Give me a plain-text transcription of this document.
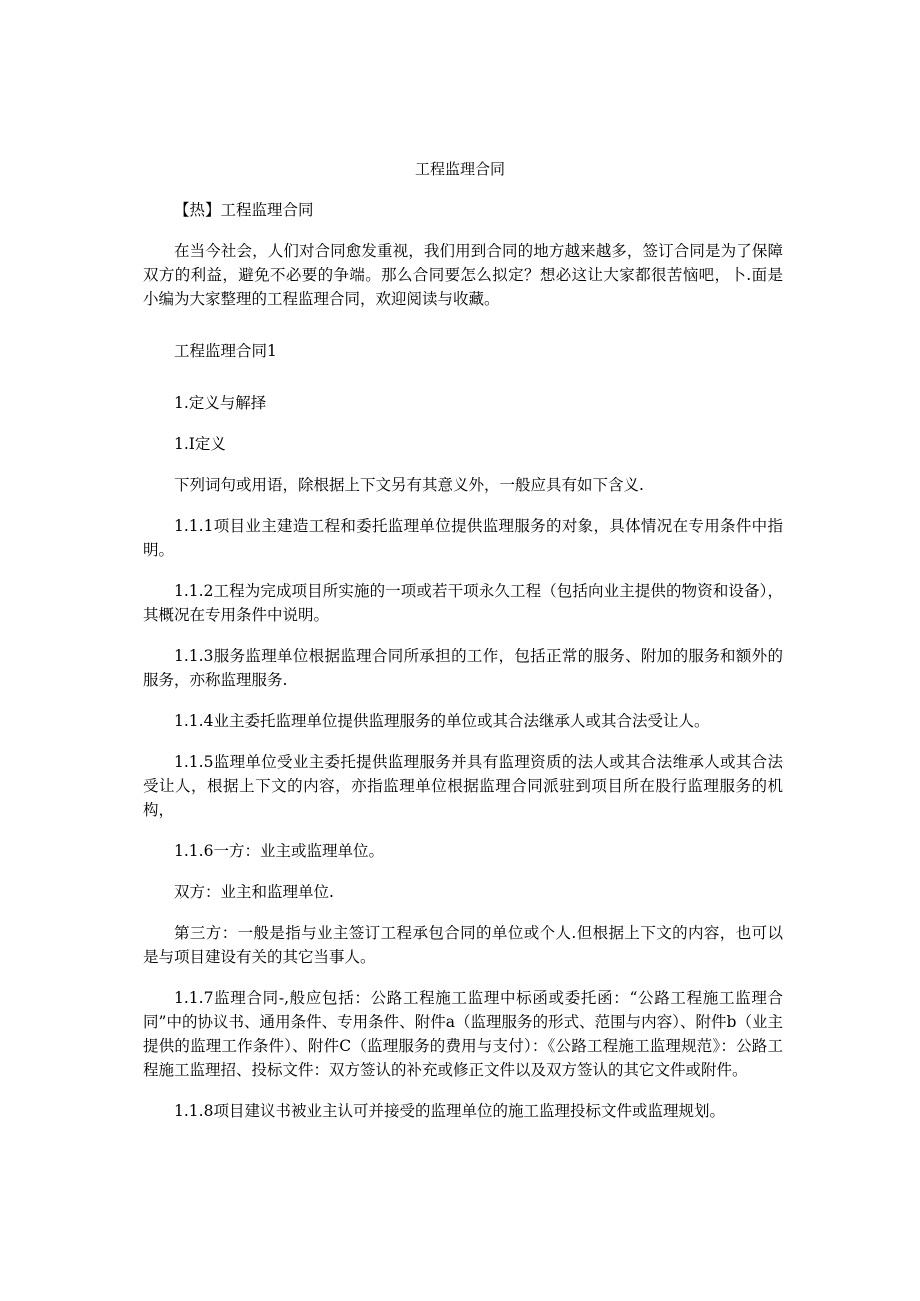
工程监理合同

【热】工程监理合同

在当今社会，人们对合同愈发重视，我们用到合同的地方越来越多，签订合同是为了保障双方的利益，避免不必要的争端。那么合同要怎么拟定？想必这让大家都很苦恼吧，卜.面是小编为大家整理的工程监理合同，欢迎阅读与收藏。

工程监理合同1

1.定义与解择

1.I定义

下列词句或用语，除根据上下文另有其意义外，一般应具有如下含义.

1.1.1项目业主建造工程和委托监理单位提供监理服务的对象，具体情况在专用条件中指明。

1.1.2工程为完成项目所实施的一项或若干项永久工程（包括向业主提供的物资和设备），其概况在专用条件中说明。

1.1.3服务监理单位根据监理合同所承担的工作，包括正常的服务、附加的服务和额外的服务，亦称监理服务.

1.1.4业主委托监理单位提供监理服务的单位或其合法继承人或其合法受让人。

1.1.5监理单位受业主委托提供监理服务并具有监理资质的法人或其合法维承人或其合法受让人，根据上下文的内容，亦指监理单位根据监理合同派驻到项目所在股行监理服务的机构，

1.1.6一方：业主或监理单位。

双方：业主和监理单位.

第三方：一般是指与业主签订工程承包合同的单位或个人.但根据上下文的内容，也可以是与项目建设有关的其它当事人。

1.1.7监理合同-,般应包括：公路工程施工监理中标函或委托函：“公路工程施工监理合同”中的协议书、通用条件、专用条件、附件a（监理服务的形式、范围与内容）、附件b（业主提供的监理工作条件）、附件C（监理服务的费用与支付）：《公路工程施工监理规范》：公路工程施工监理招、投标文件：双方签认的补充或修正文件以及双方签认的其它文件或附件。

1.1.8项目建议书被业主认可并接受的监理单位的施工监理投标文件或监理规划。
